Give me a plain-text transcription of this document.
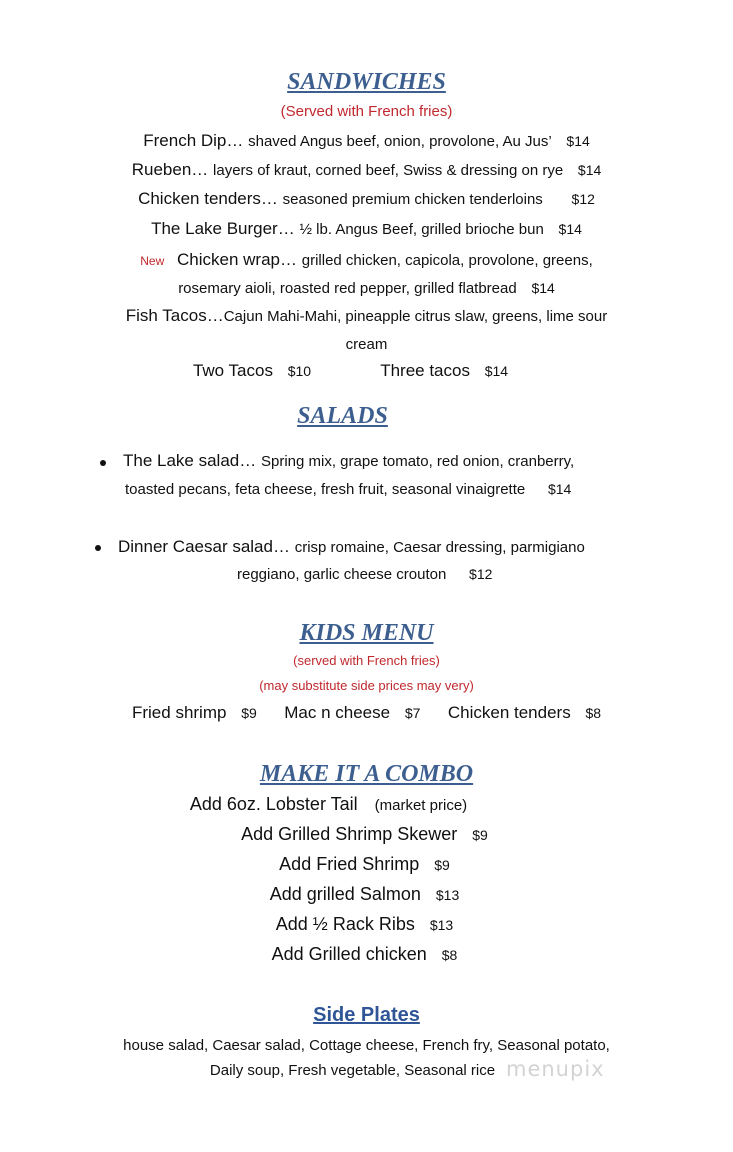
SANDWICHES
(Served with French fries)
French Dip… shaved Angus beef, onion, provolone, Au Jus’ $14
Rueben… layers of kraut, corned beef, Swiss & dressing on rye $14
Chicken tenders… seasoned premium chicken tenderloins $12
The Lake Burger… ½ lb. Angus Beef, grilled brioche bun $14
New Chicken wrap… grilled chicken, capicola, provolone, greens,
rosemary aioli, roasted red pepper, grilled flatbread $14
Fish Tacos…Cajun Mahi-Mahi, pineapple citrus slaw, greens, lime sour
cream
Two Tacos $10	Three tacos $14
SALADS
The Lake salad… Spring mix, grape tomato, red onion, cranberry,
toasted pecans, feta cheese, fresh fruit, seasonal vinaigrette $14
Dinner Caesar salad… crisp romaine, Caesar dressing, parmigiano
reggiano, garlic cheese crouton $12
KIDS MENU
(served with French fries)
(may substitute side prices may very)
Fried shrimp $9 Mac n cheese $7 Chicken tenders $8
MAKE IT A COMBO
Add 6oz. Lobster Tail (market price)
Add Grilled Shrimp Skewer $9
Add Fried Shrimp $9
Add grilled Salmon $13
Add ½ Rack Ribs $13
Add Grilled chicken $8
Side Plates
house salad, Caesar salad, Cottage cheese, French fry, Seasonal potato,
Daily soup, Fresh vegetable, Seasonal rice menupix
